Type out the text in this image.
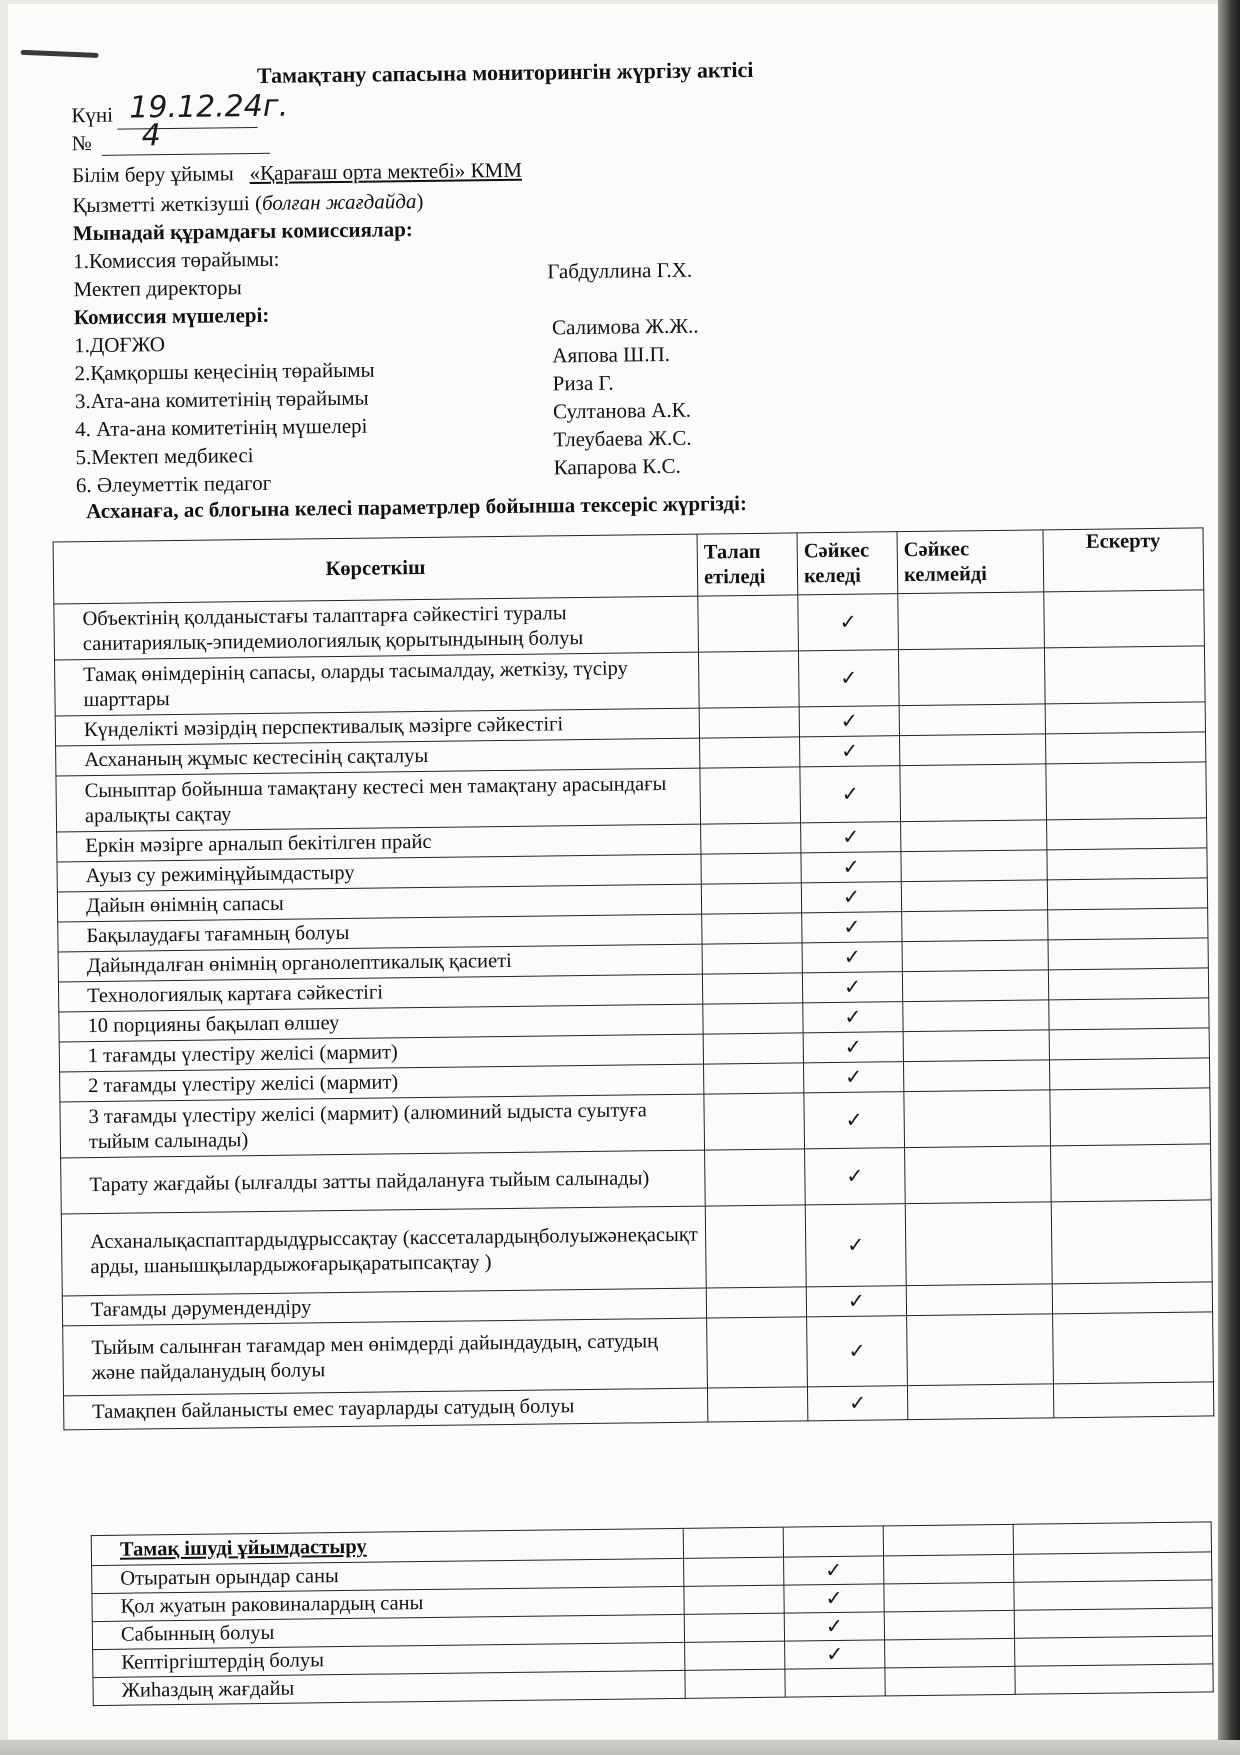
Тамақтану сапасына мониторингін жүргізу актісі
Күні 19.12.24г.
№ 4
Білім беру ұйымы «Қарағаш орта мектебі» КММ
Қызметті жеткізуші (болған жағдайда)
Мынадай құрамдағы комиссиялар:
1.Комиссия төрайымы:
Мектеп директоры
Габдуллина Г.Х.
Комиссия мүшелері:
1.ДОҒЖО
Салимова Ж.Ж..
2.Қамқоршы кеңесінің төрайымы
Аяпова Ш.П.
3.Ата-ана комитетінің төрайымы
Риза Г.
4. Ата-ана комитетінің мүшелері
Султанова А.К.
5.Мектеп медбикесі
Тлеубаева Ж.С.
6. Әлеуметтік педагог
Капарова К.С.
Асханаға, ас блогына келесі параметрлер бойынша тексеріс жүргізді:
Көрсеткіш	Талап етіледі	Сәйкес келеді	Сәйкес келмейді	Ескерту
Объектінің қолданыстағы талаптарға сәйкестігі туралы санитариялық-эпидемиологиялық қорытындының болуы		✓		
Тамақ өнімдерінің сапасы, оларды тасымалдау, жеткізу, түсіру шарттары		✓		
Күнделікті мәзірдің перспективалық мәзірге сәйкестігі		✓		
Асхананың жұмыс кестесінің сақталуы		✓		
Сыныптар бойынша тамақтану кестесі мен тамақтану арасындағы аралықты сақтау		✓		
Еркін мәзірге арналып бекітілген прайс		✓		
Ауыз су режиміңұйымдастыру		✓		
Дайын өнімнің сапасы		✓		
Бақылаудағы тағамның болуы		✓		
Дайындалған өнімнің органолептикалық қасиеті		✓		
Технологиялық картаға сәйкестігі		✓		
10 порцияны бақылап өлшеу		✓		
1 тағамды үлестіру желісі (мармит)		✓		
2 тағамды үлестіру желісі (мармит)		✓		
3 тағамды үлестіру желісі (мармит) (алюминий ыдыста суытуға тыйым салынады)		✓		
Тарату жағдайы (ылғалды затты пайдалануға тыйым салынады)		✓		
Асханалықаспаптардыдұрыссақтау (кассеталардыңболуыжәнеқасықтарды, шанышқылардыжоғарықаратыпсақтау )		✓		
Тағамды дәрумендендіру		✓		
Тыйым салынған тағамдар мен өнімдерді дайындаудың, сатудың және пайдаланудың болуы		✓		
Тамақпен байланысты емес тауарларды сатудың болуы		✓		
Тамақ ішуді ұйымдастыру				
Отыратын орындар саны		✓		
Қол жуатын раковиналардың саны		✓		
Сабынның болуы		✓		
Кептіргіштердің болуы		✓		
Жиһаздың жағдайы				
